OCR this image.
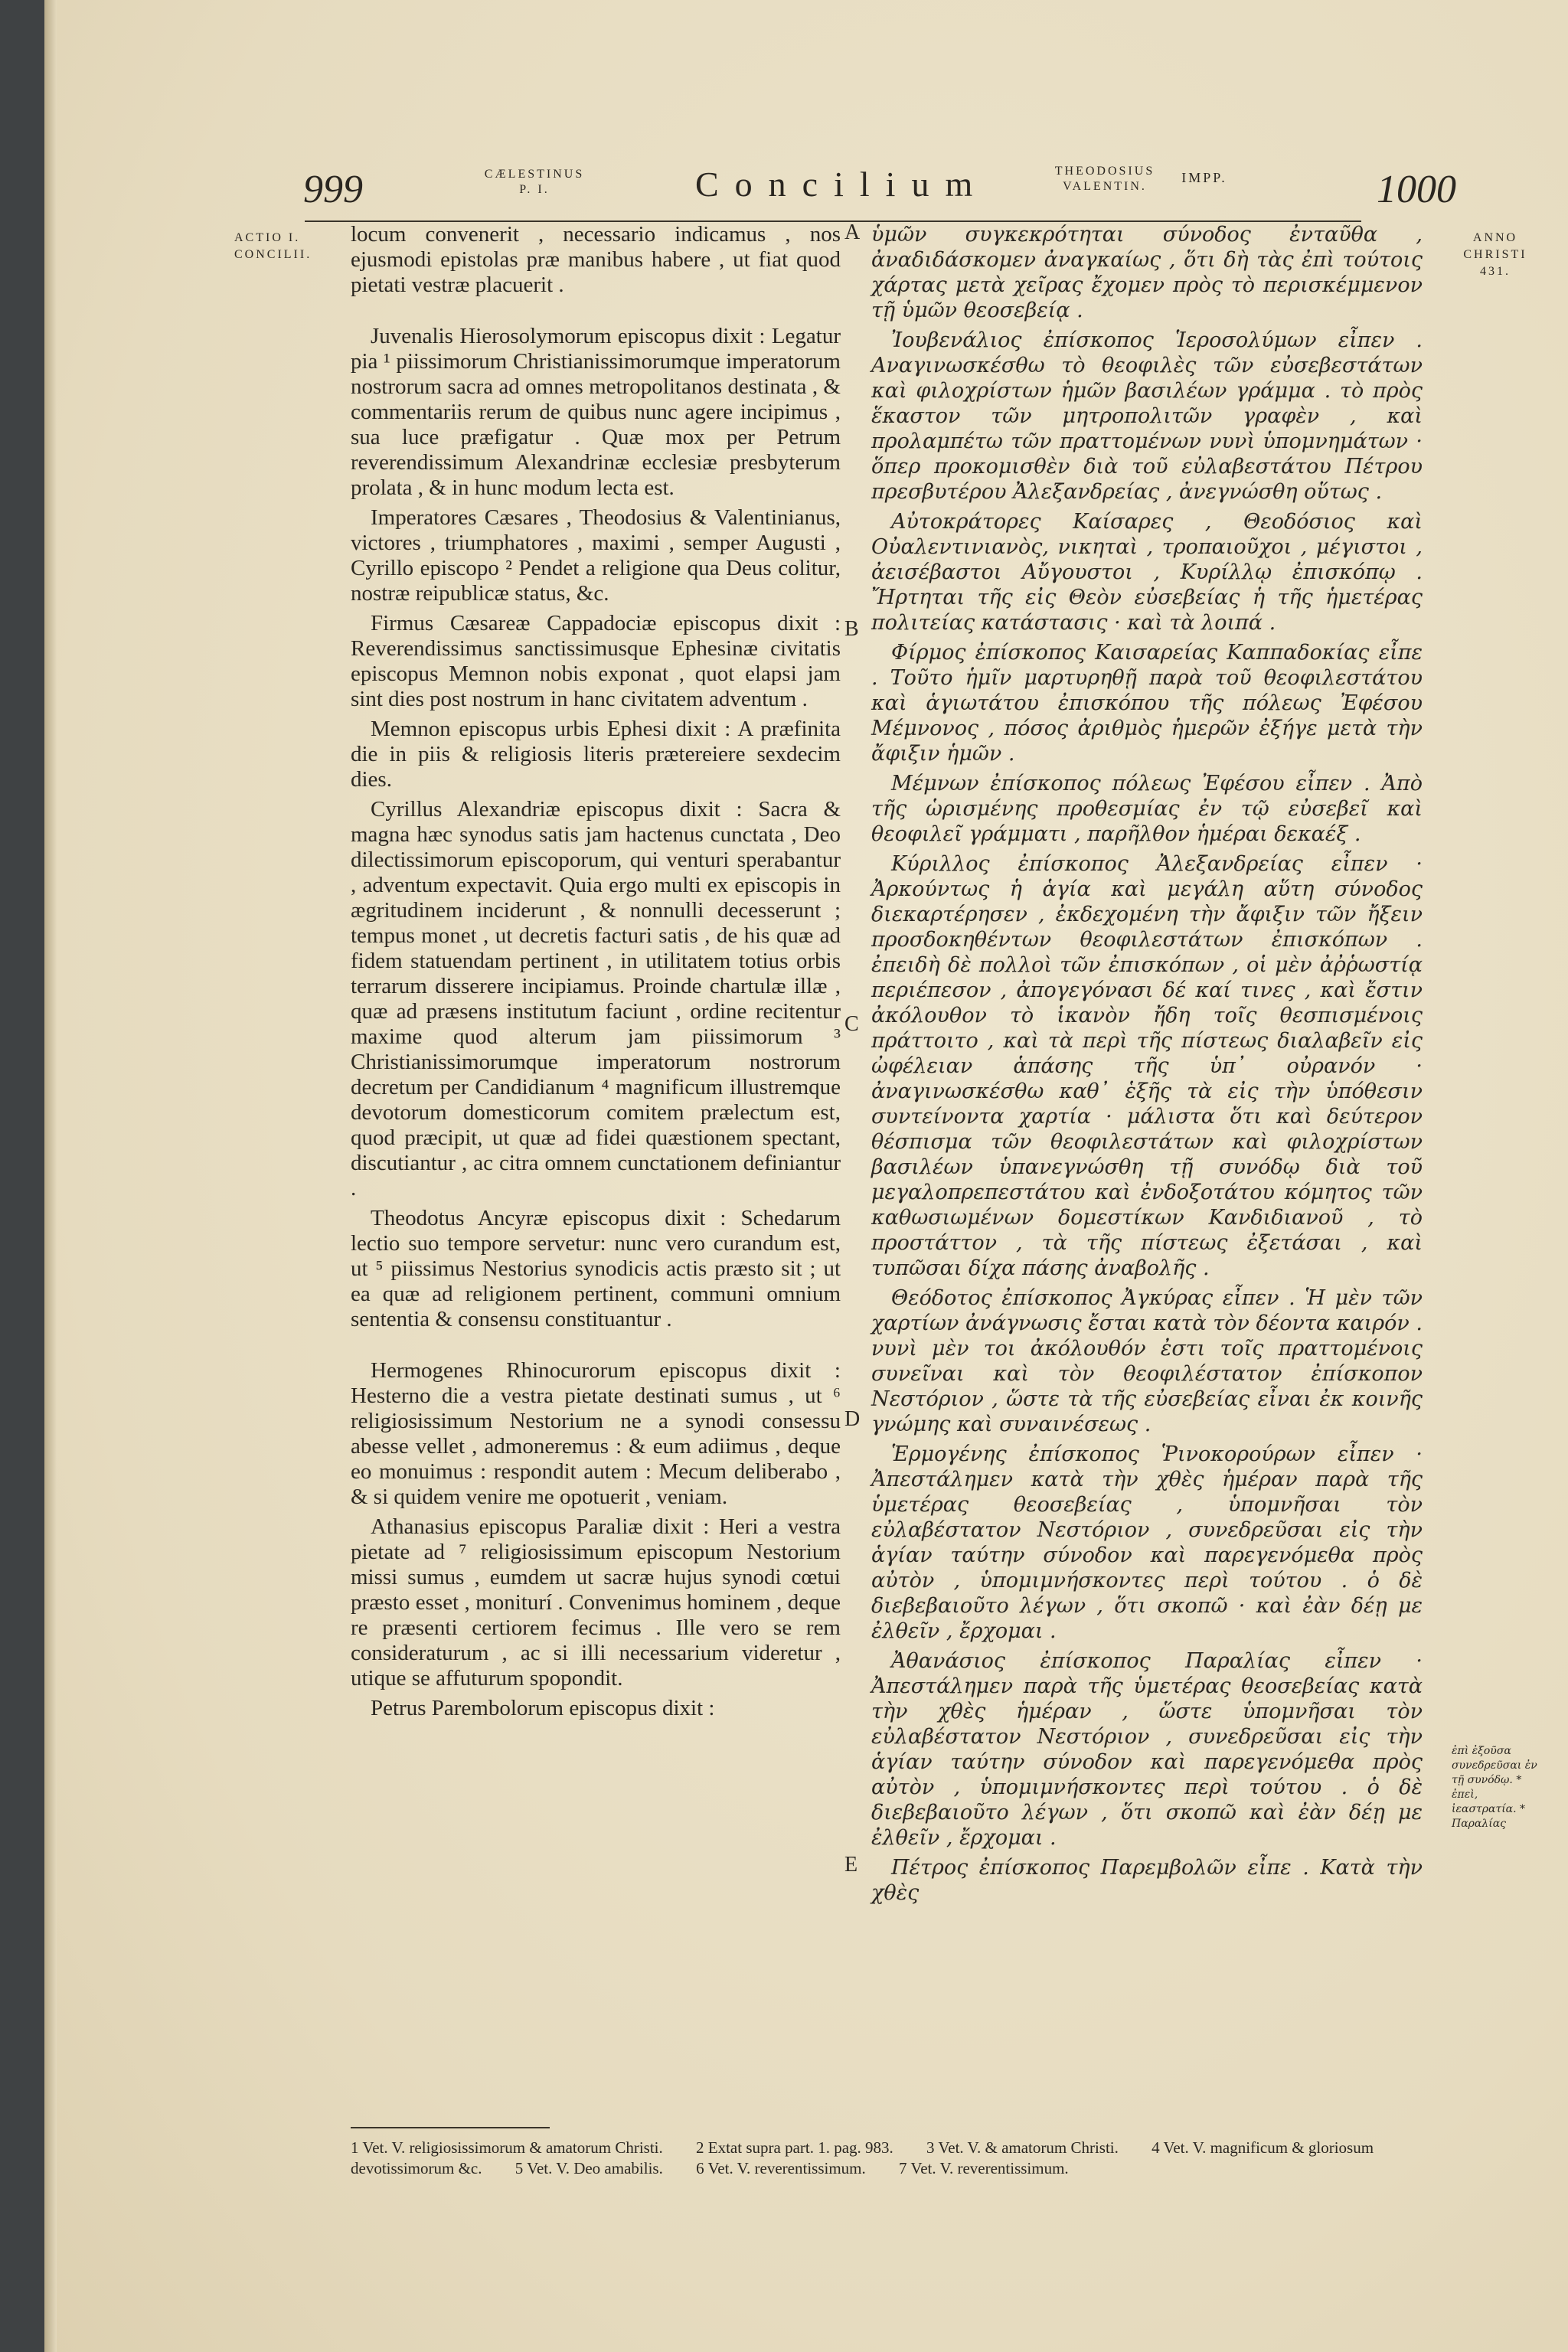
999	CÆLESTINUS P. I.	Concilium	THEODOSIUS VALENTIN.
IMPP.	1000
ACTIO I. CONCILII.
ANNO CHRISTI 431.
ἐπὶ ἐξοῦσα συνεδρεῦσαι ἐν τῇ συνόδῳ. * ἐπεὶ, ἰεαστρατία. * Παραλίας
A
B
C
D
E

locum convenerit , necessario indicamus , nos ejusmodi epistolas præ manibus habere , ut fiat quod pietati vestræ placuerit .

Juvenalis Hierosolymorum episcopus dixit : Legatur pia ¹ piissimorum Christianissimorumque imperatorum nostrorum sacra ad omnes metropolitanos destinata , & commentariis rerum de quibus nunc agere incipimus , sua luce præfigatur . Quæ mox per Petrum reverendissimum Alexandrinæ ecclesiæ presbyterum prolata , & in hunc modum lecta est.

Imperatores Cæsares , Theodosius & Valentinianus, victores , triumphatores , maximi , semper Augusti , Cyrillo episcopo ² Pendet a religione qua Deus colitur, nostræ reipublicæ status, &c.

Firmus Cæsareæ Cappadociæ episcopus dixit : Reverendissimus sanctissimusque Ephesinæ civitatis episcopus Memnon nobis exponat , quot elapsi jam sint dies post nostrum in hanc civitatem adventum .

Memnon episcopus urbis Ephesi dixit : A præfinita die in piis & religiosis literis prætereiere sexdecim dies.

Cyrillus Alexandriæ episcopus dixit : Sacra & magna hæc synodus satis jam hactenus cunctata , Deo dilectissimorum episcoporum, qui venturi sperabantur , adventum expectavit. Quia ergo multi ex episcopis in ægritudinem inciderunt , & nonnulli decesserunt ; tempus monet , ut decretis facturi satis , de his quæ ad fidem statuendam pertinent , in utilitatem totius orbis terrarum disserere incipiamus. Proinde chartulæ illæ , quæ ad præsens institutum faciunt , ordine recitentur maxime quod alterum jam piissimorum ³ Christianissimorumque imperatorum nostrorum decretum per Candidianum ⁴ magnificum illustremque devotorum domesticorum comitem prælectum est, quod præcipit, ut quæ ad fidei quæstionem spectant, discutiantur , ac citra omnem cunctationem definiantur .

Theodotus Ancyræ episcopus dixit : Schedarum lectio suo tempore servetur: nunc vero curandum est, ut ⁵ piissimus Nestorius synodicis actis præsto sit ; ut ea quæ ad religionem pertinent, communi omnium sententia & consensu constituantur .

Hermogenes Rhinocurorum episcopus dixit : Hesterno die a vestra pietate destinati sumus , ut ⁶ religiosissimum Nestorium ne a synodi consessu abesse vellet , admoneremus : & eum adiimus , deque eo monuimus : respondit autem : Mecum deliberabo , & si quidem venire me opotuerit , veniam.

Athanasius episcopus Paraliæ dixit : Heri a vestra pietate ad ⁷ religiosissimum episcopum Nestorium missi sumus , eumdem ut sacræ hujus synodi cœtui præsto esset , moniturí . Convenimus hominem , deque re præsenti certiorem fecimus . Ille vero se rem consideraturum , ac si illi necessarium videretur , utique se affuturum spopondit.

Petrus Parembolorum episcopus dixit :

ὑμῶν συγκεκρότηται σύνοδος ἐνταῦθα , ἀναδιδάσκομεν ἀναγκαίως , ὅτι δὴ τὰς ἐπὶ τούτοις χάρτας μετὰ χεῖρας ἔχομεν πρὸς τὸ περισκέμμενον τῇ ὑμῶν θεοσεβείᾳ .

Ἰουβενάλιος ἐπίσκοπος Ἱεροσολύμων εἶπεν . Αναγινωσκέσθω τὸ θεοφιλὲς τῶν εὐσεβεστάτων καὶ φιλοχρίστων ἡμῶν βασιλέων γράμμα . τὸ πρὸς ἕκαστον τῶν μητροπολιτῶν γραφὲν , καὶ προλαμπέτω τῶν πραττομένων νυνὶ ὑπομνημάτων · ὅπερ προκομισθὲν διὰ τοῦ εὐλαβεστάτου Πέτρου πρεσβυτέρου Ἀλεξανδρείας , ἀνεγνώσθη οὕτως .

Αὐτοκράτορες Καίσαρες , Θεοδόσιος καὶ Οὐαλεντινιανὸς, νικηταὶ , τροπαιοῦχοι , μέγιστοι , ἀεισέβαστοι Αὔγουστοι , Κυρίλλῳ ἐπισκόπῳ . Ἤρτηται τῆς εἰς Θεὸν εὐσεβείας ἡ τῆς ἡμετέρας πολιτείας κατάστασις · καὶ τὰ λοιπά .

Φίρμος ἐπίσκοπος Καισαρείας Καππαδοκίας εἶπε . Τοῦτο ἡμῖν μαρτυρηθῇ παρὰ τοῦ θεοφιλεστάτου καὶ ἁγιωτάτου ἐπισκόπου τῆς πόλεως Ἐφέσου Μέμνονος , πόσος ἀριθμὸς ἡμερῶν ἐξήγε μετὰ τὴν ἄφιξιν ἡμῶν .

Μέμνων ἐπίσκοπος πόλεως Ἐφέσου εἶπεν . Ἀπὸ τῆς ὡρισμένης προθεσμίας ἐν τῷ εὐσεβεῖ καὶ θεοφιλεῖ γράμματι , παρῆλθον ἡμέραι δεκαέξ .

Κύριλλος ἐπίσκοπος Ἀλεξανδρείας εἶπεν · Ἀρκούντως ἡ ἁγία καὶ μεγάλη αὕτη σύνοδος διεκαρτέρησεν , ἐκδεχομένη τὴν ἄφιξιν τῶν ἤξειν προσδοκηθέντων θεοφιλεστάτων ἐπισκόπων . ἐπειδὴ δὲ πολλοὶ τῶν ἐπισκόπων , οἱ μὲν ἀῤῥωστίᾳ περιέπεσον , ἀπογεγόνασι δέ καί τινες , καὶ ἔστιν ἀκόλουθον τὸ ἱκανὸν ἤδη τοῖς θεσπισμένοις πράττοιτο , καὶ τὰ περὶ τῆς πίστεως διαλαβεῖν εἰς ὠφέλειαν ἁπάσης τῆς ὑπ᾽ οὐρανόν · ἀναγινωσκέσθω καθ᾽ ἑξῆς τὰ εἰς τὴν ὑπόθεσιν συντείνοντα χαρτία · μάλιστα ὅτι καὶ δεύτερον θέσπισμα τῶν θεοφιλεστάτων καὶ φιλοχρίστων βασιλέων ὑπανεγνώσθη τῇ συνόδῳ διὰ τοῦ μεγαλοπρεπεστάτου καὶ ἐνδοξοτάτου κόμητος τῶν καθωσιωμένων δομεστίκων Κανδιδιανοῦ , τὸ προστάττον , τὰ τῆς πίστεως ἐξετάσαι , καὶ τυπῶσαι δίχα πάσης ἀναβολῆς .

Θεόδοτος ἐπίσκοπος Ἀγκύρας εἶπεν . Ἡ μὲν τῶν χαρτίων ἀνάγνωσις ἔσται κατὰ τὸν δέοντα καιρόν . νυνὶ μὲν τοι ἀκόλουθόν ἐστι τοῖς πραττομένοις συνεῖναι καὶ τὸν θεοφιλέστατον ἐπίσκοπον Νεστόριον , ὥστε τὰ τῆς εὐσεβείας εἶναι ἐκ κοινῆς γνώμης καὶ συναινέσεως .

Ἑρμογένης ἐπίσκοπος Ῥινοκορούρων εἶπεν · Ἀπεστάλημεν κατὰ τὴν χθὲς ἡμέραν παρὰ τῆς ὑμετέρας θεοσεβείας , ὑπομνῆσαι τὸν εὐλαβέστατον Νεστόριον , συνεδρεῦσαι εἰς τὴν ἁγίαν ταύτην σύνοδον καὶ παρεγενόμεθα πρὸς αὐτὸν , ὑπομιμνήσκοντες περὶ τούτου . ὁ δὲ διεβεβαιοῦτο λέγων , ὅτι σκοπῶ · καὶ ἐὰν δέῃ με ἐλθεῖν , ἔρχομαι .

Ἀθανάσιος ἐπίσκοπος Παραλίας εἶπεν · Ἀπεστάλημεν παρὰ τῆς ὑμετέρας θεοσεβείας κατὰ τὴν χθὲς ἡμέραν , ὥστε ὑπομνῆσαι τὸν εὐλαβέστατον Νεστόριον , συνεδρεῦσαι εἰς τὴν ἁγίαν ταύτην σύνοδον καὶ παρεγενόμεθα πρὸς αὐτὸν , ὑπομιμνήσκοντες περὶ τούτου . ὁ δὲ διεβεβαιοῦτο λέγων , ὅτι σκοπῶ καὶ ἐὰν δέῃ με ἐλθεῖν , ἔρχομαι .

Πέτρος ἐπίσκοπος Παρεμβολῶν εἶπε . Κατὰ τὴν χθὲς

1 Vet. V. religiosissimorum & amatorum Christi. 2 Extat supra part. 1. pag. 983. 3 Vet. V. & amatorum Christi. 4 Vet. V. magnificum & gloriosum devotissimorum &c. 5 Vet. V. Deo amabilis. 6 Vet. V. reverentissimum. 7 Vet. V. reverentissimum.
